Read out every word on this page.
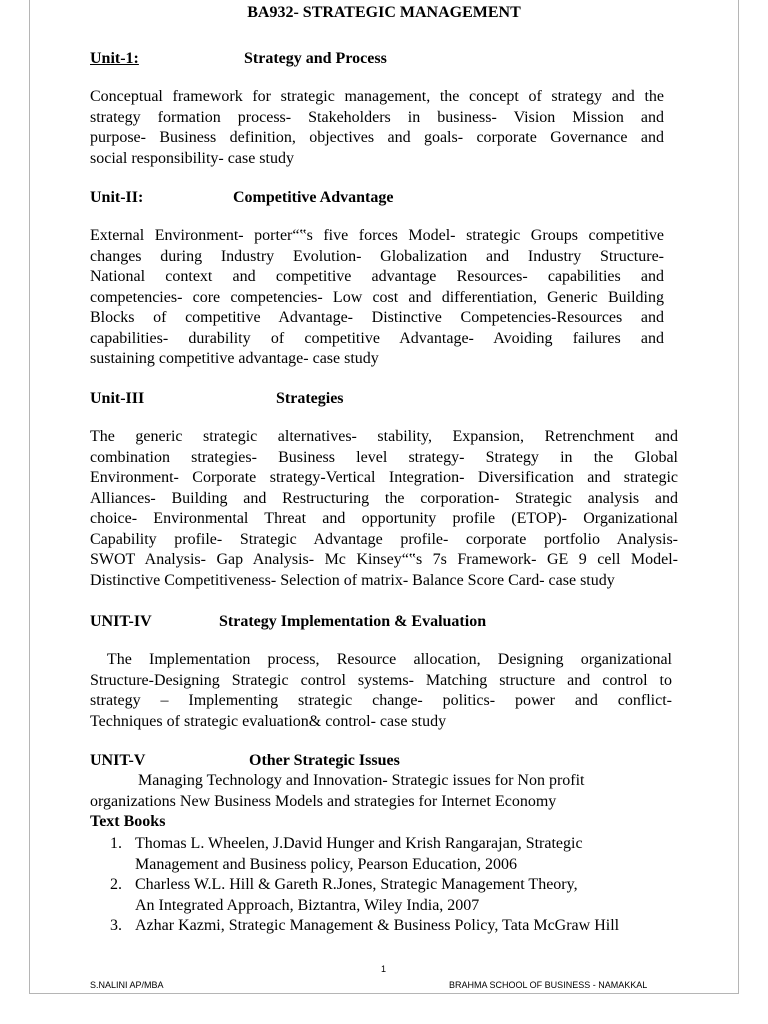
BA932- STRATEGIC MANAGEMENT
Unit-1:	Strategy and Process
Conceptual framework for strategic management, the concept of strategy and the
strategy formation process- Stakeholders in business- Vision Mission and
purpose- Business definition, objectives and goals- corporate Governance and
social responsibility- case study
Unit-II:	Competitive Advantage
External Environment- porter“‟s five forces Model- strategic Groups competitive
changes during Industry Evolution- Globalization and Industry Structure-
National context and competitive advantage Resources- capabilities and
competencies- core competencies- Low cost and differentiation, Generic Building
Blocks of competitive Advantage- Distinctive Competencies-Resources and
capabilities- durability of competitive Advantage- Avoiding failures and
sustaining competitive advantage- case study
Unit-III	Strategies
The generic strategic alternatives- stability, Expansion, Retrenchment and
combination strategies- Business level strategy- Strategy in the Global
Environment- Corporate strategy-Vertical Integration- Diversification and strategic
Alliances- Building and Restructuring the corporation- Strategic analysis and
choice- Environmental Threat and opportunity profile (ETOP)- Organizational
Capability profile- Strategic Advantage profile- corporate portfolio Analysis-
SWOT Analysis- Gap Analysis- Mc Kinsey“‟s 7s Framework- GE 9 cell Model-
Distinctive Competitiveness- Selection of matrix- Balance Score Card- case study
UNIT-IV	Strategy Implementation & Evaluation
The Implementation process, Resource allocation, Designing organizational
Structure-Designing Strategic control systems- Matching structure and control to
strategy – Implementing strategic change- politics- power and conflict-
Techniques of strategic evaluation& control- case study
UNIT-V	Other Strategic Issues
Managing Technology and Innovation- Strategic issues for Non profit
organizations New Business Models and strategies for Internet Economy
Text Books
1. Thomas L. Wheelen, J.David Hunger and Krish Rangarajan, Strategic
Management and Business policy, Pearson Education, 2006
2. Charless W.L. Hill & Gareth R.Jones, Strategic Management Theory,
An Integrated Approach, Biztantra, Wiley India, 2007
3. Azhar Kazmi, Strategic Management & Business Policy, Tata McGraw Hill
1
S.NALINI AP/MBA	BRAHMA SCHOOL OF BUSINESS - NAMAKKAL
